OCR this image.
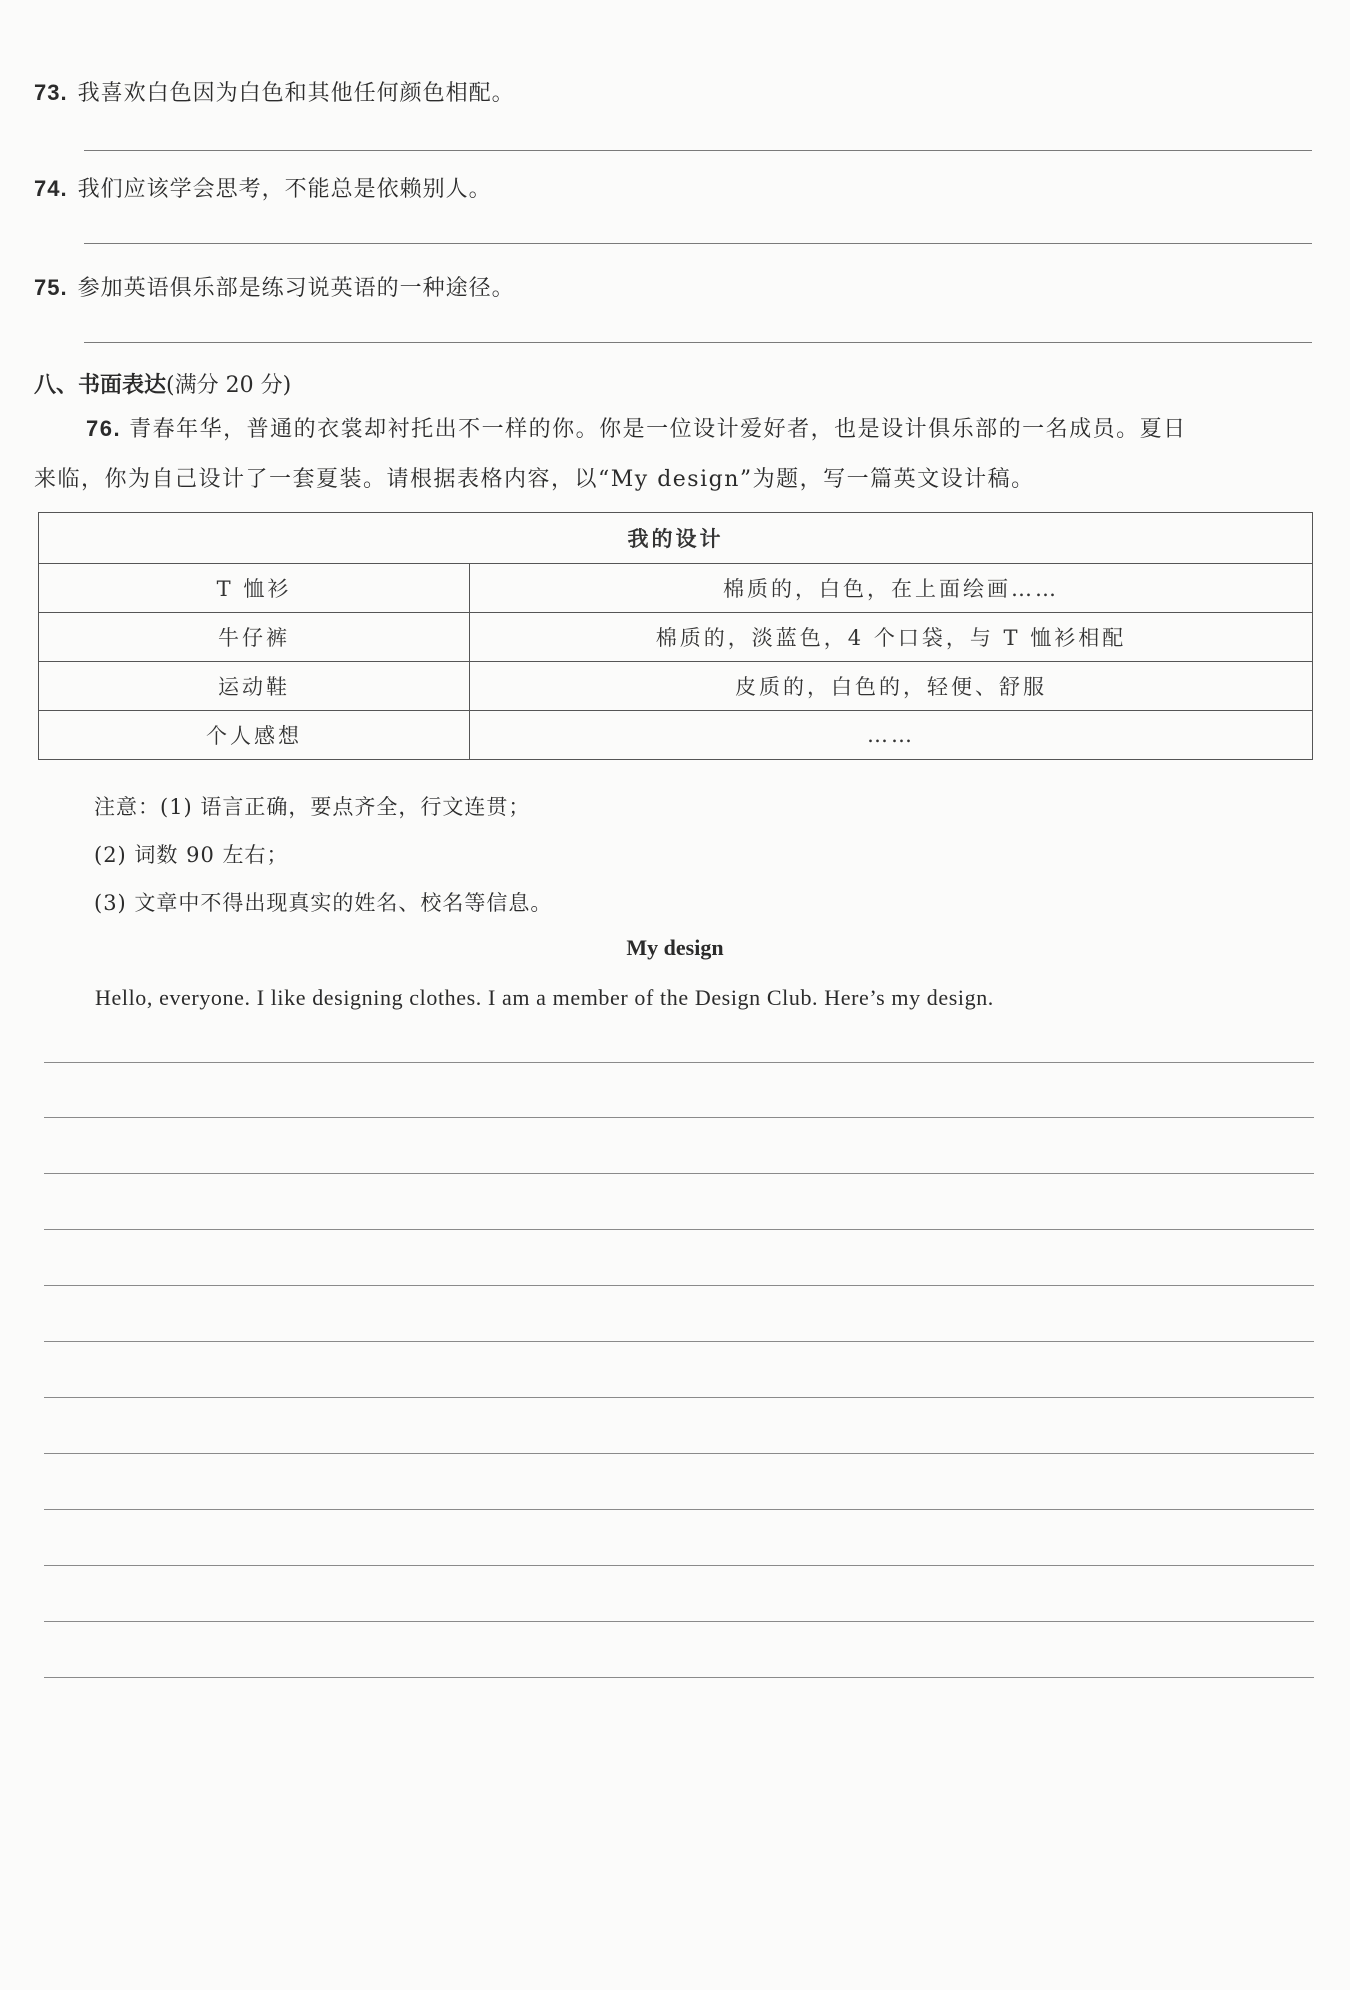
73. 我喜欢白色因为白色和其他任何颜色相配。
74. 我们应该学会思考，不能总是依赖别人。
75. 参加英语俱乐部是练习说英语的一种途径。
八、书面表达(满分 20 分)
76. 青春年华，普通的衣裳却衬托出不一样的你。你是一位设计爱好者，也是设计俱乐部的一名成员。夏日
来临，你为自己设计了一套夏装。请根据表格内容，以“My design”为题，写一篇英文设计稿。
我的设计	
T 恤衫	棉质的，白色，在上面绘画……
牛仔裤	棉质的，淡蓝色，4 个口袋，与 T 恤衫相配
运动鞋	皮质的，白色的，轻便、舒服
个人感想	……
注意：(1) 语言正确，要点齐全，行文连贯；
(2) 词数 90 左右；
(3) 文章中不得出现真实的姓名、校名等信息。
My design
Hello, everyone. I like designing clothes. I am a member of the Design Club. Here’s my design.
